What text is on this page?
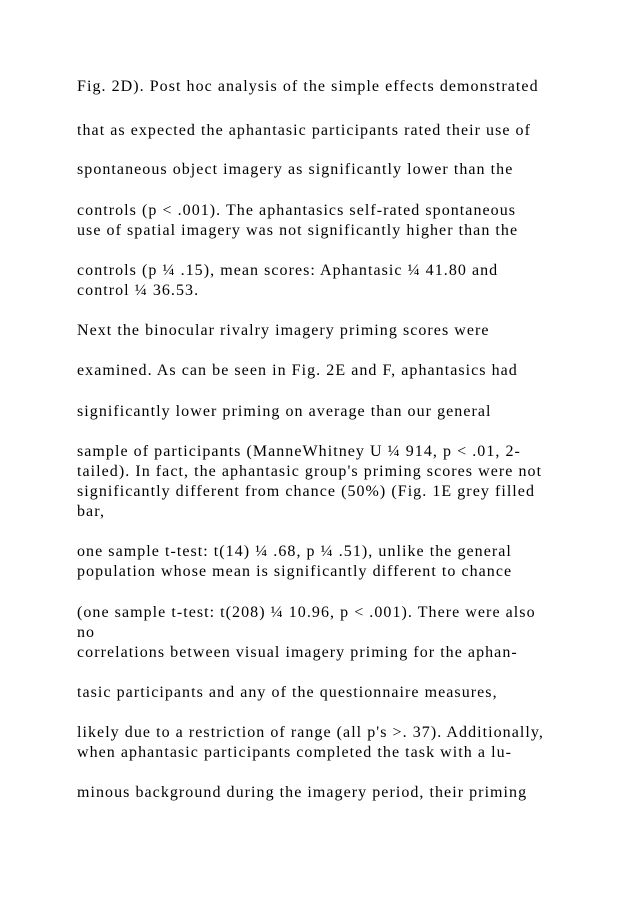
Fig. 2D). Post hoc analysis of the simple effects demonstrated

that as expected the aphantasic participants rated their use of

spontaneous object imagery as significantly lower than the

controls (p < .001). The aphantasics self-rated spontaneous

use of spatial imagery was not significantly higher than the

controls (p ¼ .15), mean scores: Aphantasic ¼ 41.80 and

control ¼ 36.53.

Next the binocular rivalry imagery priming scores were

examined. As can be seen in Fig. 2E and F, aphantasics had

significantly lower priming on average than our general

sample of participants (ManneWhitney U ¼ 914, p < .01, 2-

tailed). In fact, the aphantasic group's priming scores were not

significantly different from chance (50%) (Fig. 1E grey filled

bar,

one sample t-test: t(14) ¼ .68, p ¼ .51), unlike the general

population whose mean is significantly different to chance

(one sample t-test: t(208) ¼ 10.96, p < .001). There were also

no

correlations between visual imagery priming for the aphan-

tasic participants and any of the questionnaire measures,

likely due to a restriction of range (all p's >. 37). Additionally,

when aphantasic participants completed the task with a lu-

minous background during the imagery period, their priming
